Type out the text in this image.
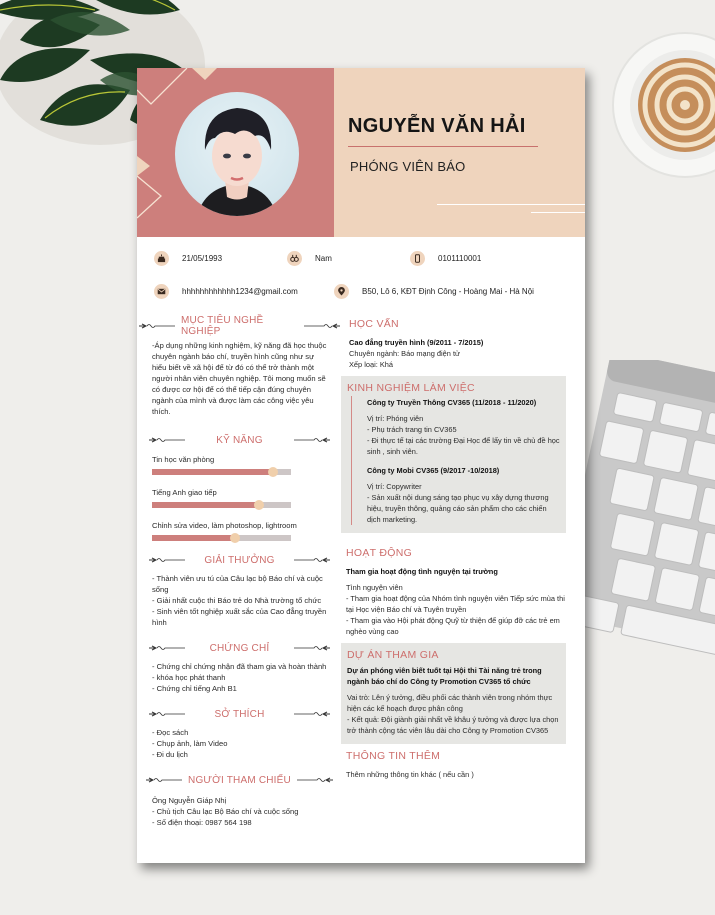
NGUYỄN VĂN HẢI
PHÓNG VIÊN BÁO
21/05/1993	Nam	0101110001
hhhhhhhhhhhh1234@gmail.com	B50, Lô 6, KĐT Định Công - Hoàng Mai - Hà Nội
MỤC TIÊU NGHỀ NGHIỆP

-Áp dụng những kinh nghiệm, kỹ năng đã học thuộc chuyên ngành báo chí, truyền hình cũng như sự hiểu biết về xã hội để từ đó có thể trở thành một người nhân viên chuyên nghiệp. Tôi mong muốn sẽ có được cơ hội để có thể tiếp cận đúng chuyên ngành của mình và được làm các công việc yêu thích.

KỸ NĂNG
Tin học văn phòng
Tiếng Anh giao tiếp
Chỉnh sửa video, làm photoshop, lightroom
GIẢI THƯỞNG

- Thành viên ưu tú của Câu lạc bộ Báo chí và cuộc sống

- Giải nhất cuộc thi Báo trẻ do Nhà trường tổ chức

- Sinh viên tốt nghiệp xuất sắc của Cao đẳng truyền hình

CHỨNG CHỈ

- Chứng chỉ chứng nhận đã tham gia và hoàn thành

- khóa học phát thanh

- Chứng chỉ tiếng Anh B1

SỞ THÍCH

- Đọc sách

- Chụp ảnh, làm Video

- Đi du lịch

NGƯỜI THAM CHIẾU

Ông Nguyễn Giáp Nhị

- Chủ tịch Câu lạc Bộ Báo chí và cuộc sống

- Số điện thoại: 0987 564 198

HỌC VẤN

Cao đẳng truyền hình (9/2011 - 7/2015)

Chuyên ngành: Báo mạng điện tử

Xếp loại: Khá

KINH NGHIỆM LÀM VIỆC

Công ty Truyền Thông CV365 (11/2018 - 11/2020)

Vị trí: Phóng viên

- Phụ trách trang tin CV365

- Đi thực tế tại các trường Đại Học để lấy tin về chủ đề học sinh , sinh viên.

Công ty Mobi CV365 (9/2017 -10/2018)

Vị trí: Copywriter

- Sản xuất nội dung sáng tạo phục vụ xây dựng thương hiệu, truyền thông, quảng cáo sản phẩm cho các chiến dịch marketing.

HOẠT ĐỘNG

Tham gia hoạt động tình nguyện tại trường

Tình nguyện viên

- Tham gia hoạt động của Nhóm tình nguyện viên Tiếp sức mùa thi tại Học viện Báo chí và Tuyên truyền

- Tham gia vào Hội phát động Quỹ từ thiện để giúp đỡ các trẻ em nghèo vùng cao

DỰ ÁN THAM GIA

Dự án phóng viên biết tuốt tại Hội thi Tài năng trẻ trong ngành báo chí do Công ty Promotion CV365 tổ chức

Vai trò: Lên ý tưởng, điều phối các thành viên trong nhóm thực hiện các kế hoạch được phân công

- Kết quả: Đội giành giải nhất về khâu ý tưởng và được lựa chọn trở thành cộng tác viên lâu dài cho Công ty Promotion CV365

THÔNG TIN THÊM

Thêm những thông tin khác ( nếu cần )
